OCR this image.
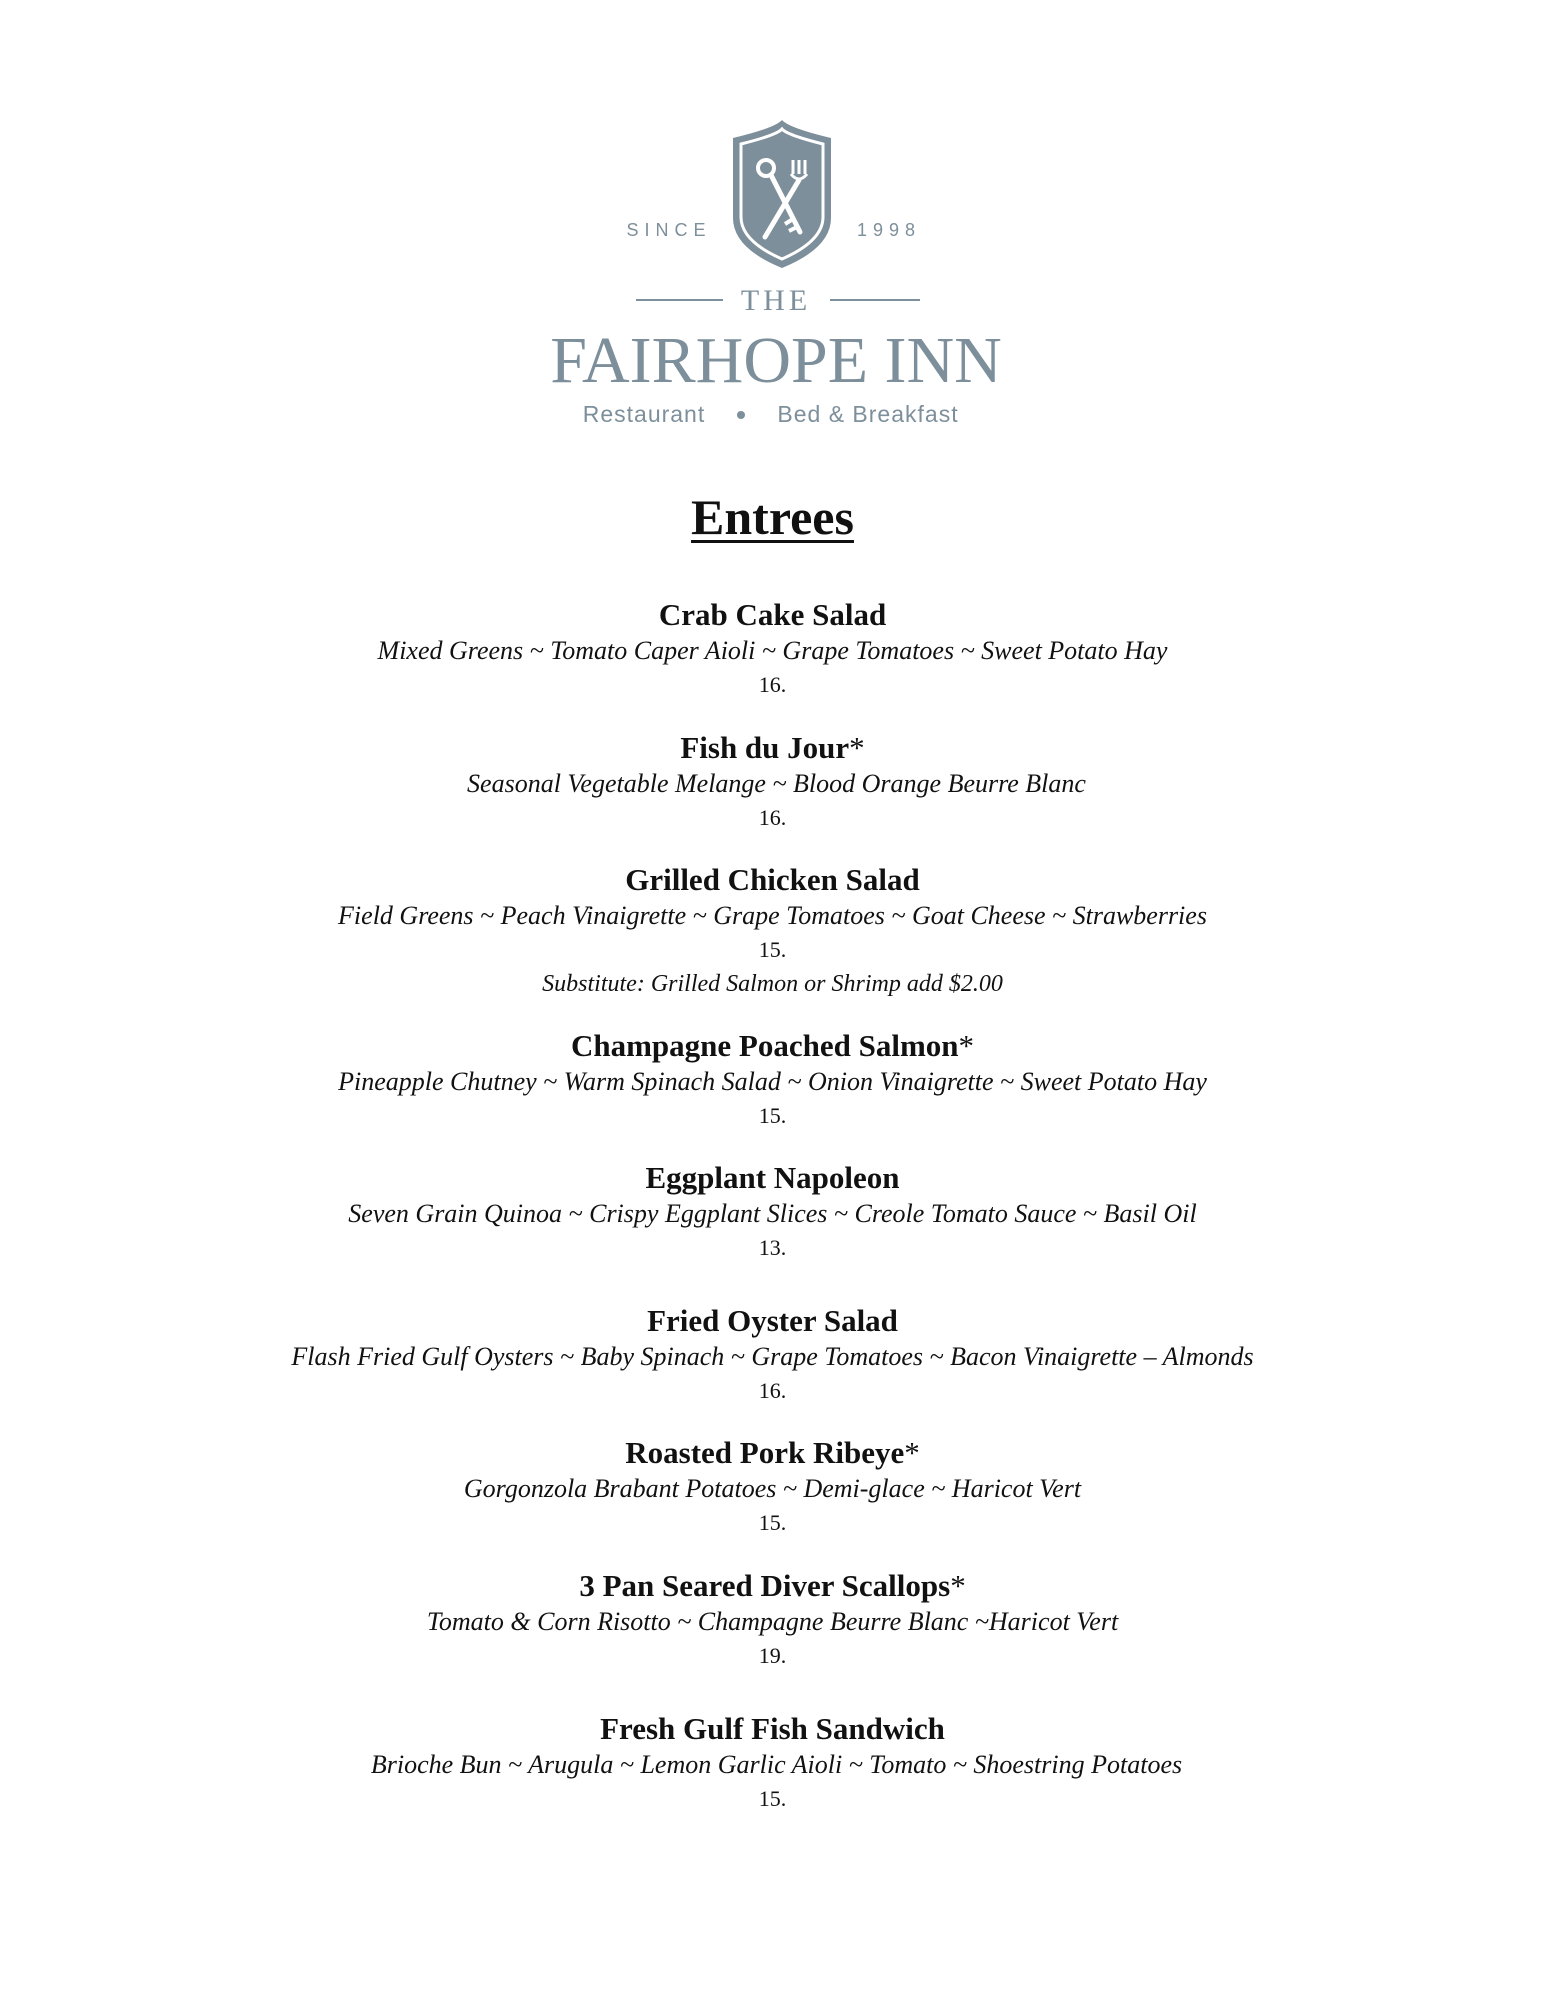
SINCE	1998
THE
FAIRHOPE INN
Restaurant	Bed & Breakfast
Entrees
Crab Cake Salad
Mixed Greens ~ Tomato Caper Aioli ~ Grape Tomatoes ~ Sweet Potato Hay
16.
Fish du Jour*
Seasonal Vegetable Melange ~ Blood Orange Beurre Blanc
16.
Grilled Chicken Salad
Field Greens ~ Peach Vinaigrette ~ Grape Tomatoes ~ Goat Cheese ~ Strawberries
15.
Substitute: Grilled Salmon or Shrimp add $2.00
Champagne Poached Salmon*
Pineapple Chutney ~ Warm Spinach Salad ~ Onion Vinaigrette ~ Sweet Potato Hay
15.
Eggplant Napoleon
Seven Grain Quinoa ~ Crispy Eggplant Slices ~ Creole Tomato Sauce ~ Basil Oil
13.
Fried Oyster Salad
Flash Fried Gulf Oysters ~ Baby Spinach ~ Grape Tomatoes ~ Bacon Vinaigrette – Almonds
16.
Roasted Pork Ribeye*
Gorgonzola Brabant Potatoes ~ Demi-glace ~ Haricot Vert
15.
3 Pan Seared Diver Scallops*
Tomato & Corn Risotto ~ Champagne Beurre Blanc ~Haricot Vert
19.
Fresh Gulf Fish Sandwich
Brioche Bun ~ Arugula ~ Lemon Garlic Aioli ~ Tomato ~ Shoestring Potatoes
15.
